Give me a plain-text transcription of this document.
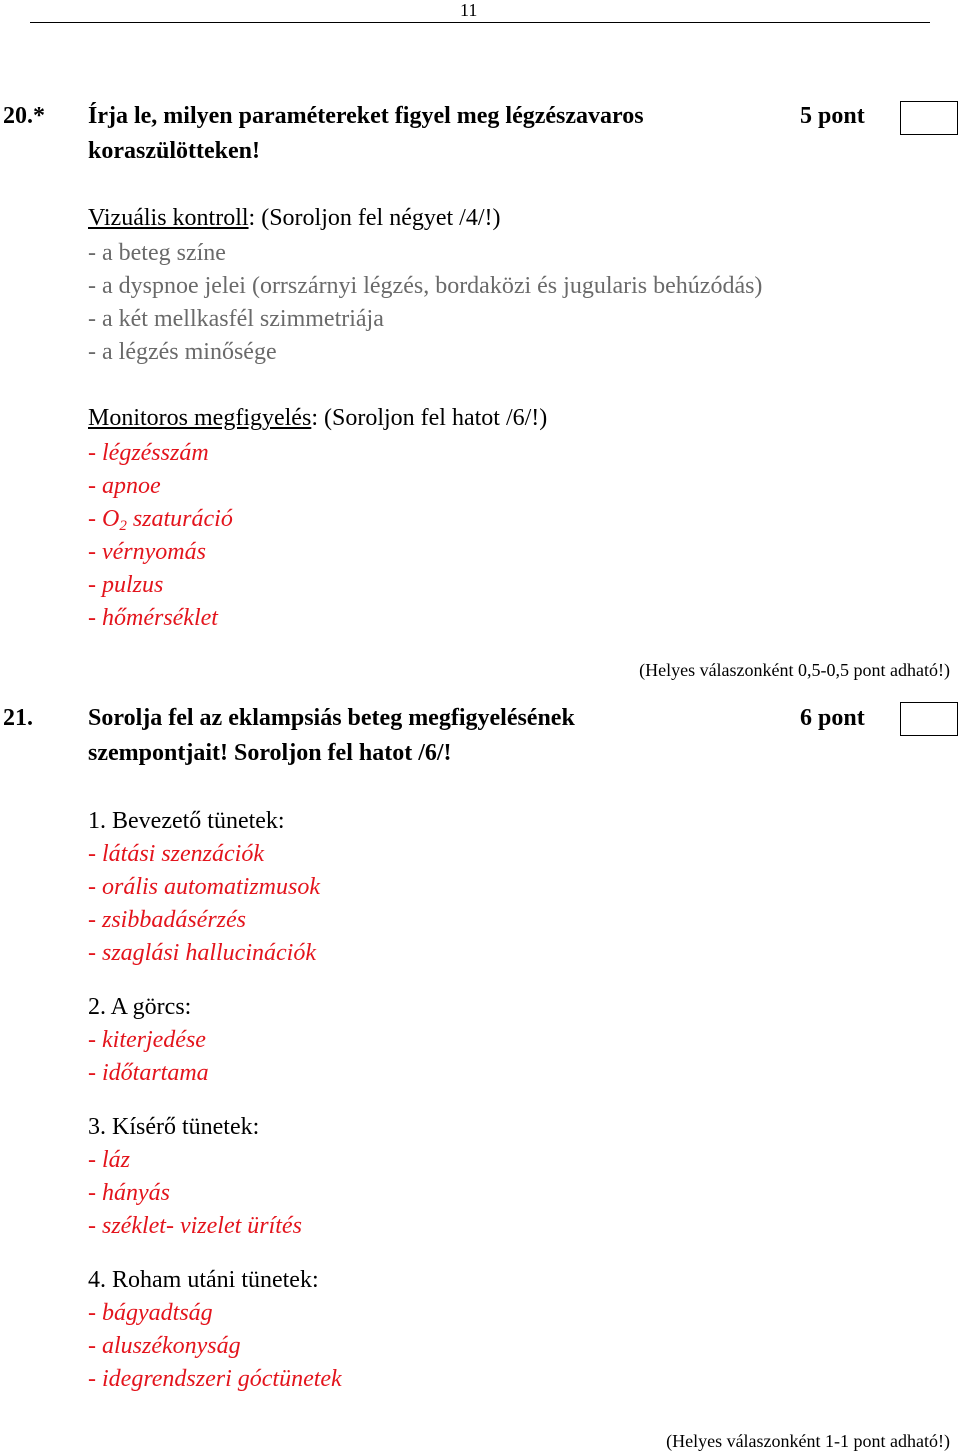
11
20.* Írja le, milyen paramétereket figyel meg légzészavaros
koraszülötteken!
5 pont
Vizuális kontroll: (Soroljon fel négyet /4/!)
- a beteg színe
- a dyspnoe jelei (orrszárnyi légzés, bordaközi és jugularis behúzódás)
- a két mellkasfél szimmetriája
- a légzés minősége
Monitoros megfigyelés: (Soroljon fel hatot /6/!)
- légzésszám
- apnoe
- $O_2$ szaturáció
- vérnyomás
- pulzus
- hőmérséklet
(Helyes válaszonként 0,5-0,5 pont adható!)
21. Sorolja fel az eklampsiás beteg megfigyelésének
szempontjait! Soroljon fel hatot /6/!
6 pont
1. Bevezető tünetek:
- látási szenzációk
- orális automatizmusok
- zsibbadásérzés
- szaglási hallucinációk
2. A görcs:
- kiterjedése
- időtartama
3. Kísérő tünetek:
- láz
- hányás
- széklet- vizelet ürítés
4. Roham utáni tünetek:
- bágyadtság
- aluszékonyság
- idegrendszeri góctünetek
(Helyes válaszonként 1-1 pont adható!)
